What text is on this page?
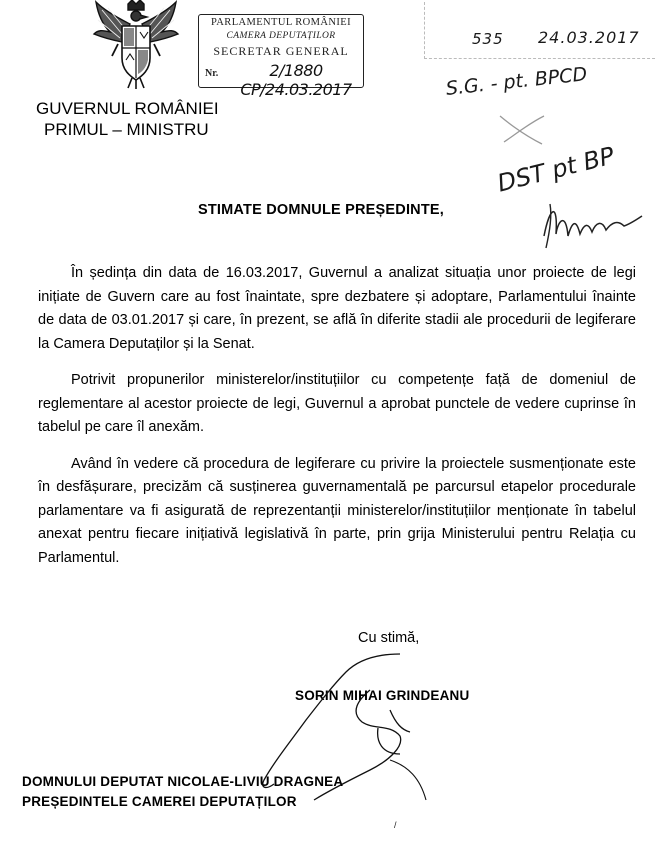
GUVERNUL ROMÂNIEI
PRIMUL – MINISTRU
PARLAMENTUL ROMÂNIEI
CAMERA DEPUTAȚILOR
SECRETAR GENERAL
Nr.	2/1880 CP/24.03.2017
535 24.03.2017
S.G. - pt. BPCD
DST pt BP
STIMATE DOMNULE PREȘEDINTE,

În ședința din data de 16.03.2017, Guvernul a analizat situația unor proiecte de legi inițiate de Guvern care au fost înaintate, spre dezbatere și adoptare, Parlamentului înainte de data de 03.01.2017 și care, în prezent, se află în diferite stadii ale procedurii de legiferare la Camera Deputaților și la Senat.

Potrivit propunerilor ministerelor/instituțiilor cu competențe față de domeniul de reglementare al acestor proiecte de legi, Guvernul a aprobat punctele de vedere cuprinse în tabelul pe care îl anexăm.

Având în vedere că procedura de legiferare cu privire la proiectele susmenționate este în desfășurare, precizăm că susținerea guvernamentală pe parcursul etapelor procedurale parlamentare va fi asigurată de reprezentanții ministerelor/instituțiilor menționate în tabelul anexat pentru fiecare inițiativă legislativă în parte, prin grija Ministerului pentru Relația cu Parlamentul.

Cu stimă,
SORIN MIHAI GRINDEANU
DOMNULUI DEPUTAT NICOLAE-LIVIU DRAGNEA
PREȘEDINTELE CAMEREI DEPUTAȚILOR
/
